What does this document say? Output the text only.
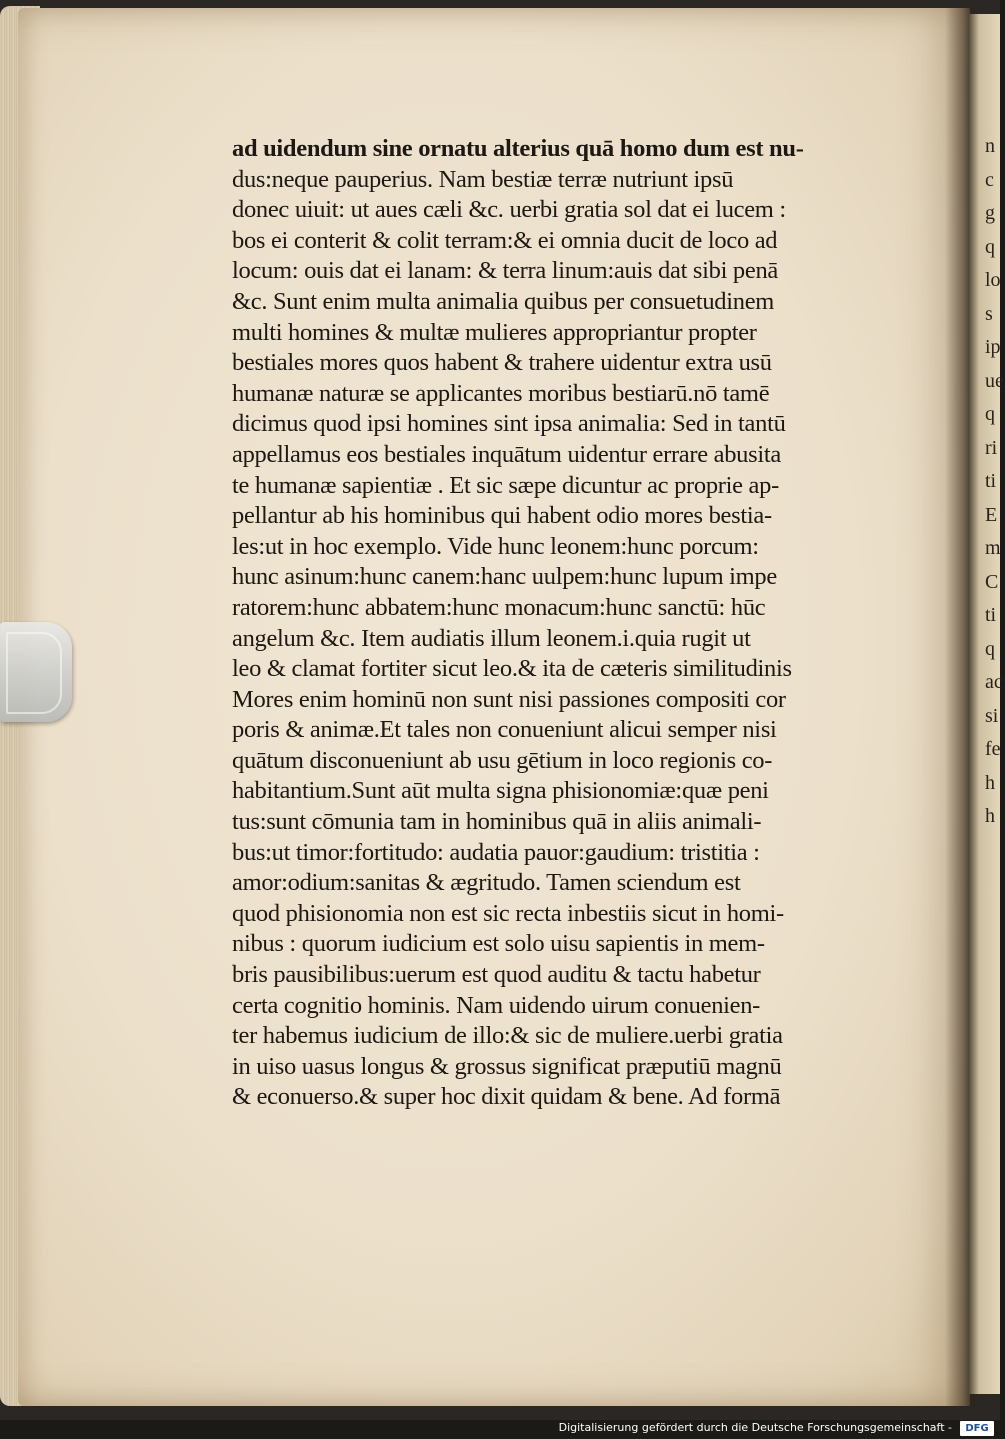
n
c
g
q
lo
s
ip
ue
q
ri
ti
E
m
C
ti
q
ac
si
fe
h
h
ad uidendum sine ornatu alterius quā homo dum est nu-
dus:neque pauperius. Nam bestiæ terræ nutriunt ipsū
donec uiuit: ut aues cæli &c. uerbi gratia sol dat ei lucem :
bos ei conterit & colit terram:& ei omnia ducit de loco ad
locum: ouis dat ei lanam: & terra linum:auis dat sibi penā
&c. Sunt enim multa animalia quibus per consuetudinem
multi homines & multæ mulieres appropriantur propter
bestiales mores quos habent & trahere uidentur extra usū
humanæ naturæ se applicantes moribus bestiarū.nō tamē
dicimus quod ipsi homines sint ipsa animalia: Sed in tantū
appellamus eos bestiales inquātum uidentur errare abusita
te humanæ sapientiæ . Et sic sæpe dicuntur ac proprie ap-
pellantur ab his hominibus qui habent odio mores bestia-
les:ut in hoc exemplo. Vide hunc leonem:hunc porcum:
hunc asinum:hunc canem:hanc uulpem:hunc lupum impe
ratorem:hunc abbatem:hunc monacum:hunc sanctū: hūc
angelum &c. Item audiatis illum leonem.i.quia rugit ut
leo & clamat fortiter sicut leo.& ita de cæteris similitudinis
Mores enim hominū non sunt nisi passiones compositi cor
poris & animæ.Et tales non conueniunt alicui semper nisi
quātum disconueniunt ab usu gētium in loco regionis co-
habitantium.Sunt aūt multa signa phisionomiæ:quæ peni
tus:sunt cōmunia tam in hominibus quā in aliis animali-
bus:ut timor:fortitudo: audatia pauor:gaudium: tristitia :
amor:odium:sanitas & ægritudo. Tamen sciendum est
quod phisionomia non est sic recta inbestiis sicut in homi-
nibus : quorum iudicium est solo uisu sapientis in mem-
bris pausibilibus:uerum est quod auditu & tactu habetur
certa cognitio hominis. Nam uidendo uirum conuenien-
ter habemus iudicium de illo:& sic de muliere.uerbi gratia
in uiso uasus longus & grossus significat præputiū magnū
& econuerso.& super hoc dixit quidam & bene. Ad formā
Digitalisierung gefördert durch die Deutsche Forschungsgemeinschaft -	DFG
